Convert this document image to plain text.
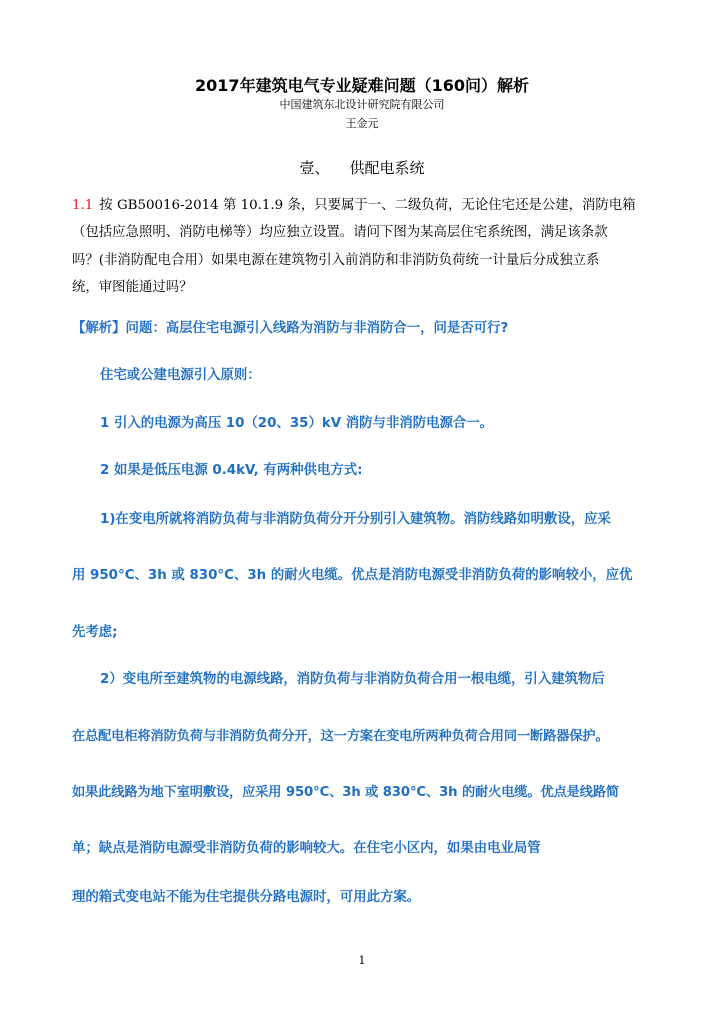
2017年建筑电气专业疑难问题（160问）解析
中国建筑东北设计研究院有限公司
王金元
壹、 供配电系统
1.1 按 GB50016-2014 第 10.1.9 条，只要属于一、二级负荷，无论住宅还是公建，消防电箱
（包括应急照明、消防电梯等）均应独立设置。请问下图为某高层住宅系统图，满足该条款
吗？(非消防配电合用）如果电源在建筑物引入前消防和非消防负荷统一计量后分成独立系
统，审图能通过吗？
【解析】问题：高层住宅电源引入线路为消防与非消防合一，问是否可行?
住宅或公建电源引入原则：
1 引入的电源为高压 10（20、35）kV 消防与非消防电源合一。
2 如果是低压电源 0.4kV, 有两种供电方式:
1)在变电所就将消防负荷与非消防负荷分开分别引入建筑物。消防线路如明敷设，应采
用 950°C、3h 或 830°C、3h 的耐火电缆。优点是消防电源受非消防负荷的影响较小，应优
先考虑;
2）变电所至建筑物的电源线路，消防负荷与非消防负荷合用一根电缆，引入建筑物后
在总配电柜将消防负荷与非消防负荷分开，这一方案在变电所两种负荷合用同一断路器保护。
如果此线路为地下室明敷设，应采用 950°C、3h 或 830°C、3h 的耐火电缆。优点是线路简
单；缺点是消防电源受非消防负荷的影响较大。在住宅小区内，如果由电业局管
理的箱式变电站不能为住宅提供分路电源时，可用此方案。
1
